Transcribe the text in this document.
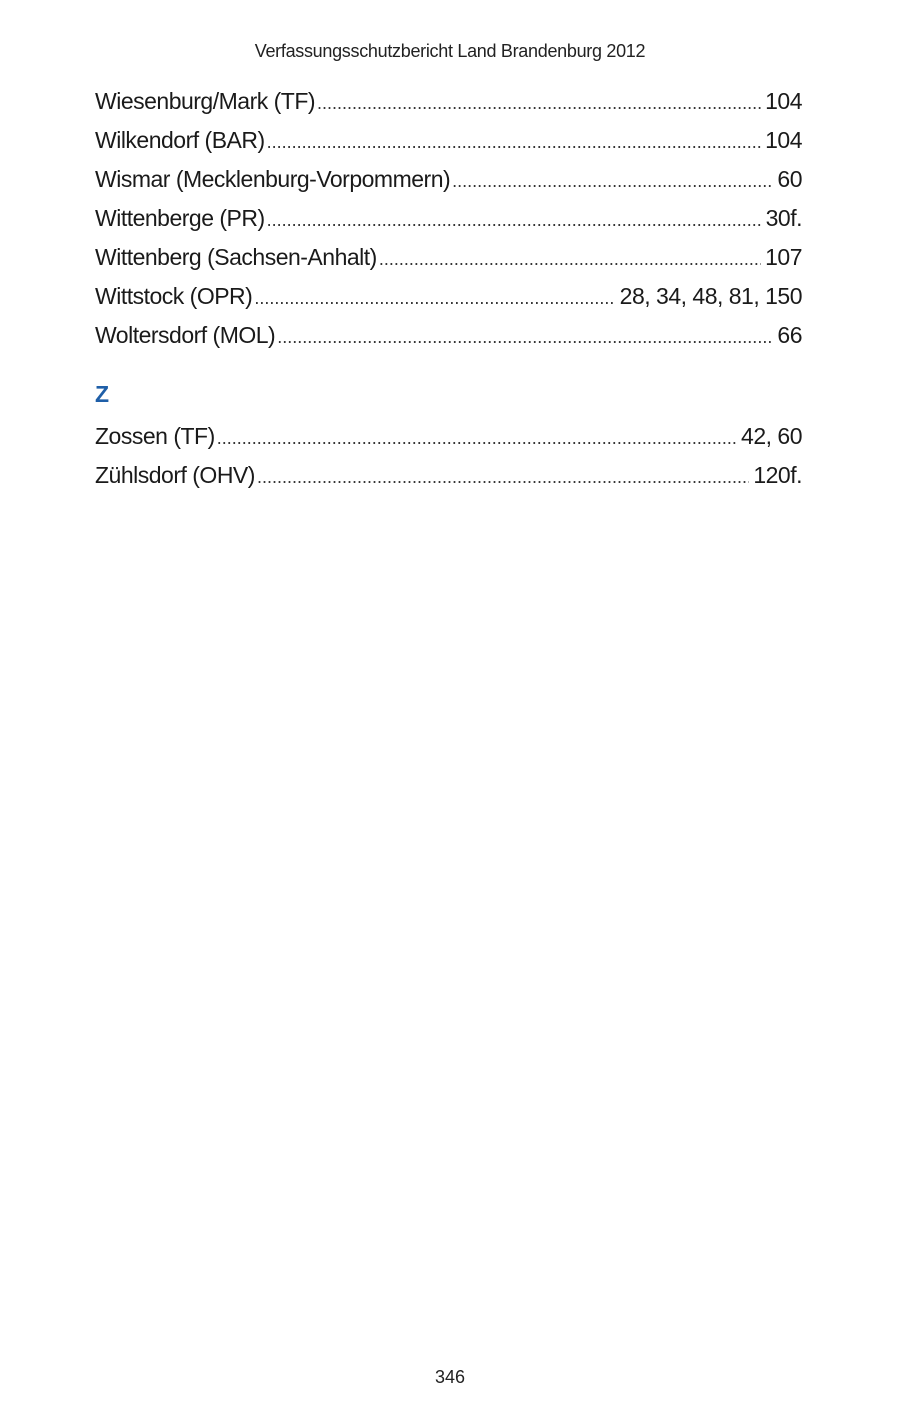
Verfassungsschutzbericht Land Brandenburg 2012
Wiesenburg/Mark (TF) .....	104
Wilkendorf (BAR) .....	104
Wismar (Mecklenburg-Vorpommern) .....	60
Wittenberge (PR) .....	30f.
Wittenberg (Sachsen-Anhalt) .....	107
Wittstock (OPR) .....	28, 34, 48, 81, 150
Woltersdorf (MOL) .....	66
Z
Zossen (TF) .....	42, 60
Zühlsdorf (OHV) .....	120f.
346
